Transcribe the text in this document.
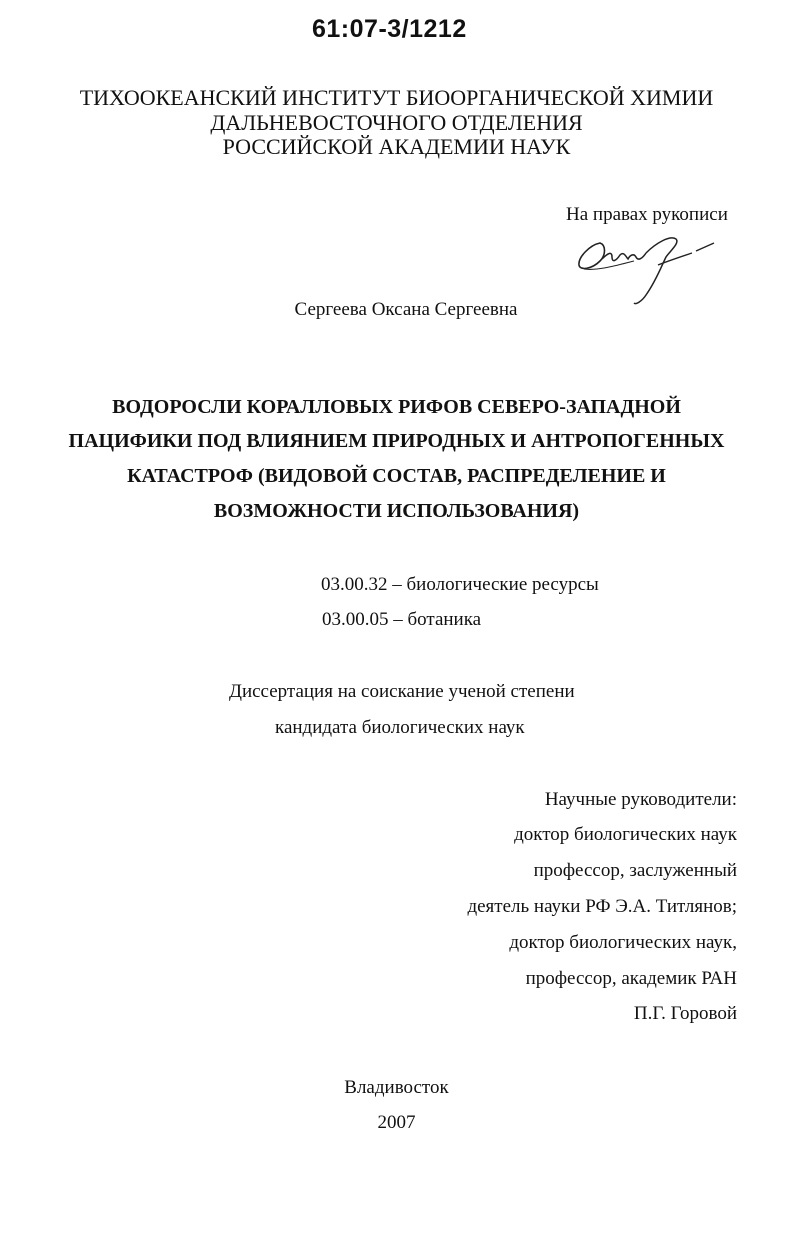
61:07-3/1212
ТИХООКЕАНСКИЙ ИНСТИТУТ БИООРГАНИЧЕСКОЙ ХИМИИ
ДАЛЬНЕВОСТОЧНОГО ОТДЕЛЕНИЯ
РОССИЙСКОЙ АКАДЕМИИ НАУК
На правах рукописи
Сергеева Оксана Сергеевна
ВОДОРОСЛИ КОРАЛЛОВЫХ РИФОВ СЕВЕРО-ЗАПАДНОЙ
ПАЦИФИКИ ПОД ВЛИЯНИЕМ ПРИРОДНЫХ И АНТРОПОГЕННЫХ
КАТАСТРОФ (ВИДОВОЙ СОСТАВ, РАСПРЕДЕЛЕНИЕ И
ВОЗМОЖНОСТИ ИСПОЛЬЗОВАНИЯ)
03.00.32 – биологические ресурсы
03.00.05 – ботаника
Диссертация на соискание ученой степени
кандидата биологических наук
Научные руководители:
доктор биологических наук
профессор, заслуженный
деятель науки РФ Э.А. Титлянов;
доктор биологических наук,
профессор, академик РАН
П.Г. Горовой
Владивосток
2007
